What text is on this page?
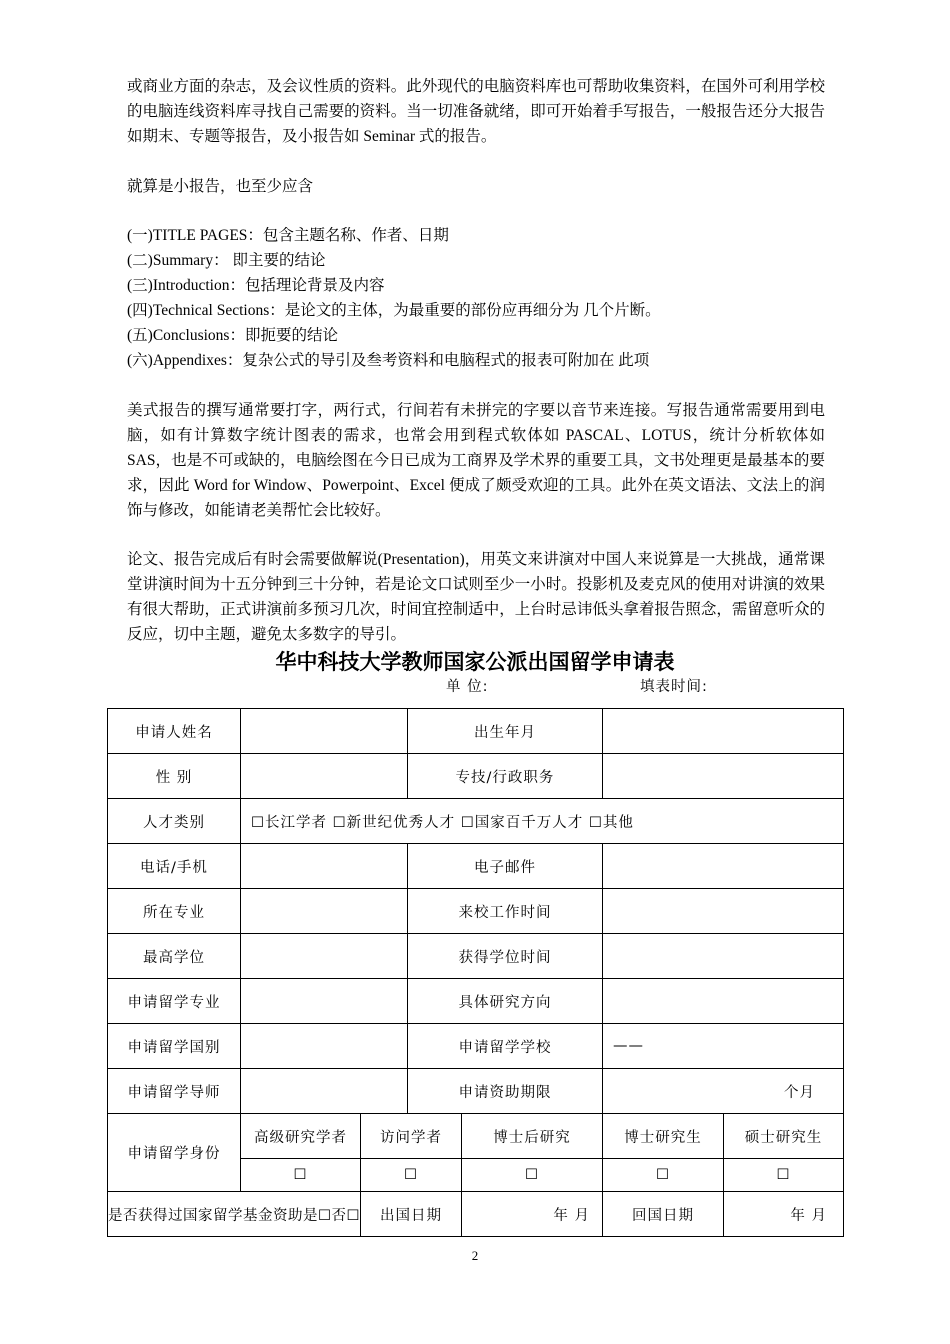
或商业方面的杂志，及会议性质的资料。此外现代的电脑资料库也可帮助收集资料，在国外可利用学校的电脑连线资料库寻找自己需要的资料。当一切准备就绪，即可开始着手写报告，一般报告还分大报告如期末、专题等报告，及小报告如 Seminar 式的报告。

就算是小报告，也至少应含

(一)TITLE PAGES：包含主题名称、作者、日期
(二)Summary： 即主要的结论
(三)Introduction：包括理论背景及内容
(四)Technical Sections：是论文的主体，为最重要的部份应再细分为 几个片断。
(五)Conclusions：即扼要的结论
(六)Appendixes：复杂公式的导引及叁考资料和电脑程式的报表可附加在 此项

美式报告的撰写通常要打字，两行式，行间若有未拼完的字要以音节来连接。写报告通常需要用到电脑，如有计算数字统计图表的需求，也常会用到程式软体如 PASCAL、LOTUS，统计分析软体如 SAS，也是不可或缺的，电脑绘图在今日已成为工商界及学术界的重要工具，文书处理更是最基本的要求，因此 Word for Window、Powerpoint、Excel 便成了颇受欢迎的工具。此外在英文语法、文法上的润饰与修改，如能请老美帮忙会比较好。

论文、报告完成后有时会需要做解说(Presentation)，用英文来讲演对中国人来说算是一大挑战，通常课堂讲演时间为十五分钟到三十分钟，若是论文口试则至少一小时。投影机及麦克风的使用对讲演的效果有很大帮助，正式讲演前多预习几次，时间宜控制适中，上台时忌讳低头拿着报告照念，需留意听众的反应，切中主题，避免太多数字的导引。

华中科技大学教师国家公派出国留学申请表
单 位:	填表时间:
申请人姓名			出生年月			
性 别			专技/行政职务			
人才类别	☐长江学者 ☐新世纪优秀人才 ☐国家百千万人才 ☐其他					
电话/手机			电子邮件			
所在专业			来校工作时间			
最高学位			获得学位时间			
申请留学专业			具体研究方向			
申请留学国别			申请留学学校		——	
申请留学导师			申请资助期限		个月	
申请留学身份	高级研究学者	访问学者		博士后研究	博士研究生	硕士研究生
	☐	☐		☐	☐	☐
是否获得过国家留学基金资助是☐否☐		出国日期		年 月	回国日期	年 月
2
